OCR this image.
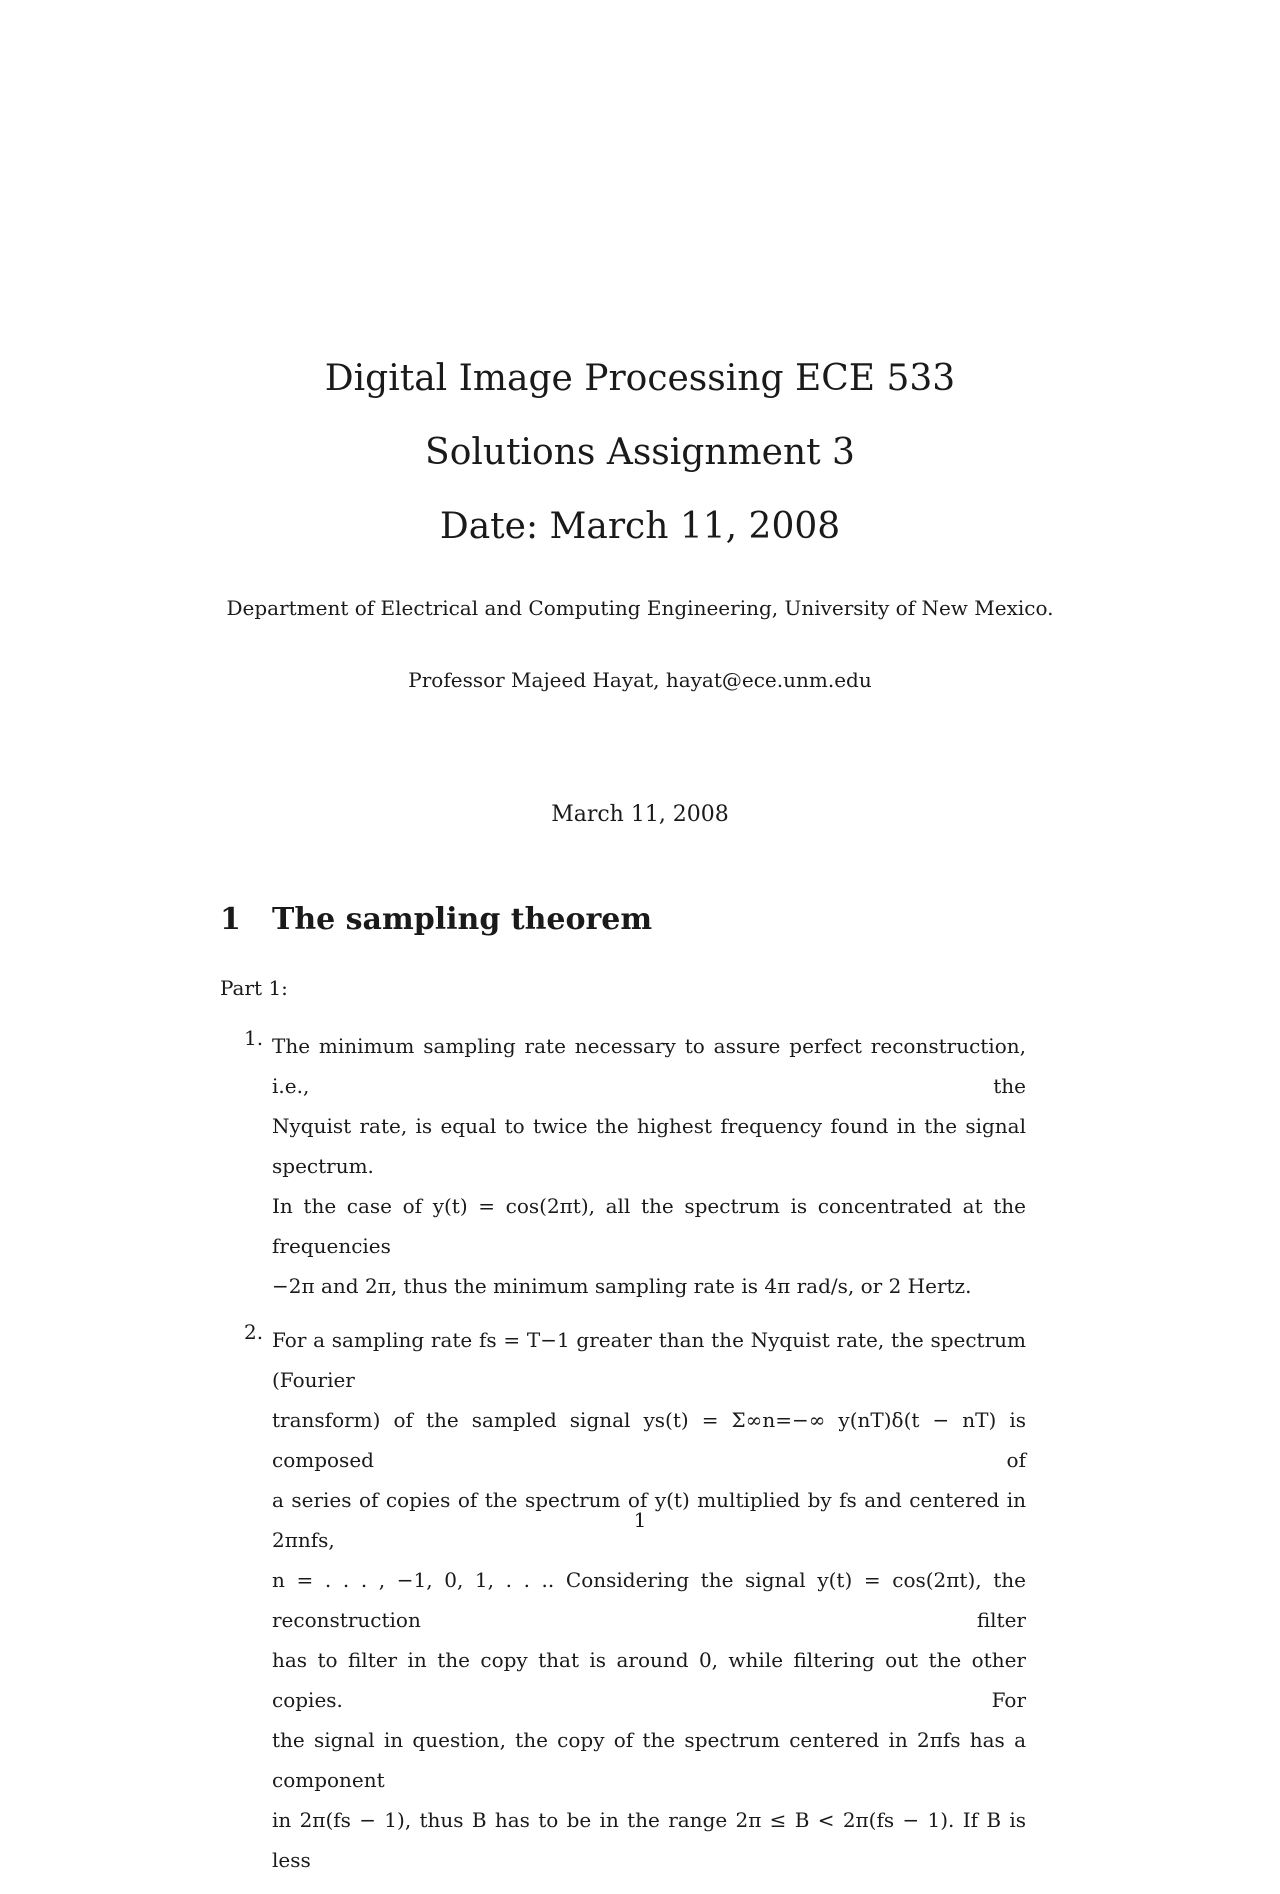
Digital Image Processing ECE 533
Solutions Assignment 3
Date: March 11, 2008
Department of Electrical and Computing Engineering, University of New Mexico.
Professor Majeed Hayat, hayat@ece.unm.edu
March 11, 2008
1 The sampling theorem
Part 1:
1. The minimum sampling rate necessary to assure perfect reconstruction, i.e., the
Nyquist rate, is equal to twice the highest frequency found in the signal spectrum.
In the case of y(t) = cos(2πt), all the spectrum is concentrated at the frequencies
−2π and 2π, thus the minimum sampling rate is 4π rad/s, or 2 Hertz.
2. For a sampling rate fs = T−1 greater than the Nyquist rate, the spectrum (Fourier
transform) of the sampled signal ys(t) = Σ∞n=−∞ y(nT)δ(t − nT) is composed of
a series of copies of the spectrum of y(t) multiplied by fs and centered in 2πnfs,
n = . . . , −1, 0, 1, . . .. Considering the signal y(t) = cos(2πt), the reconstruction filter
has to filter in the copy that is around 0, while filtering out the other copies. For
the signal in question, the copy of the spectrum centered in 2πfs has a component
in 2π(fs − 1), thus B has to be in the range 2π ≤ B < 2π(fs − 1). If B is less
1
